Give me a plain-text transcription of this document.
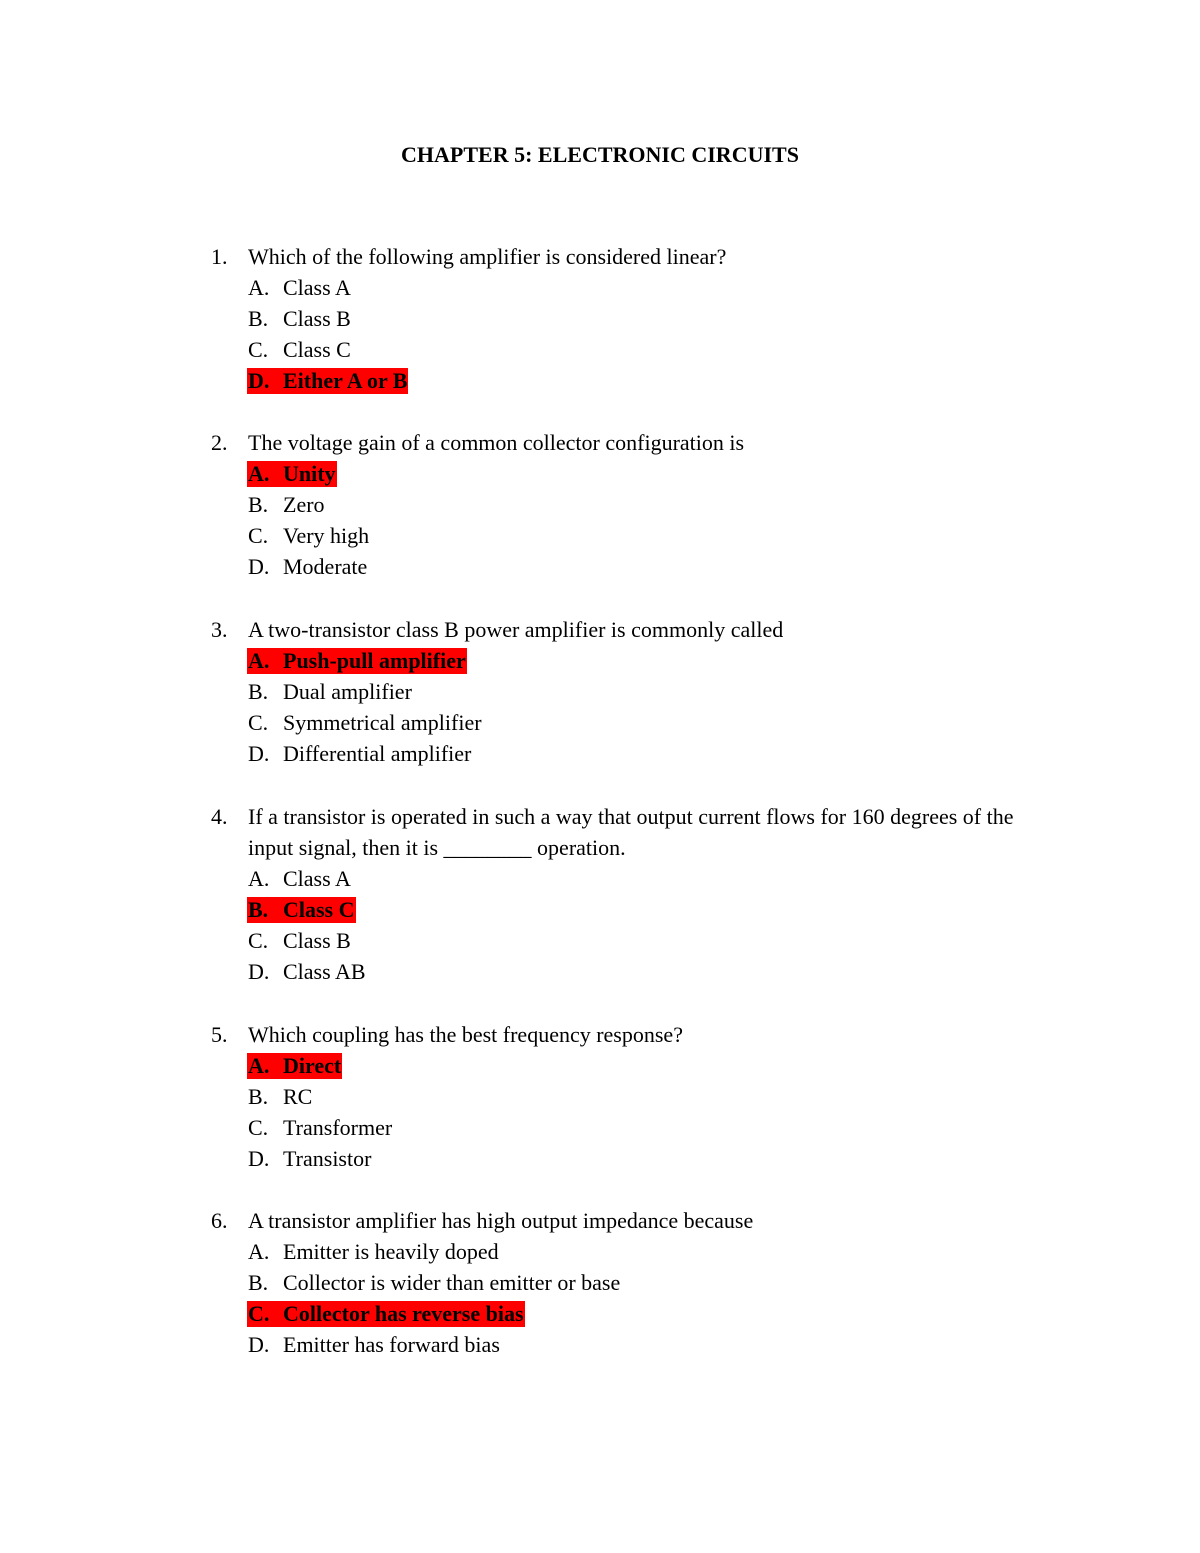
CHAPTER 5: ELECTRONIC CIRCUITS
1. Which of the following amplifier is considered linear?
A. Class A
B. Class B
C. Class C
D. Either A or B
2. The voltage gain of a common collector configuration is
A. Unity
B. Zero
C. Very high
D. Moderate
3. A two-transistor class B power amplifier is commonly called
A. Push-pull amplifier
B. Dual amplifier
C. Symmetrical amplifier
D. Differential amplifier
4. If a transistor is operated in such a way that output current flows for 160 degrees of the input signal, then it is ________ operation.
A. Class A
B. Class C
C. Class B
D. Class AB
5. Which coupling has the best frequency response?
A. Direct
B. RC
C. Transformer
D. Transistor
6. A transistor amplifier has high output impedance because
A. Emitter is heavily doped
B. Collector is wider than emitter or base
C. Collector has reverse bias
D. Emitter has forward bias
